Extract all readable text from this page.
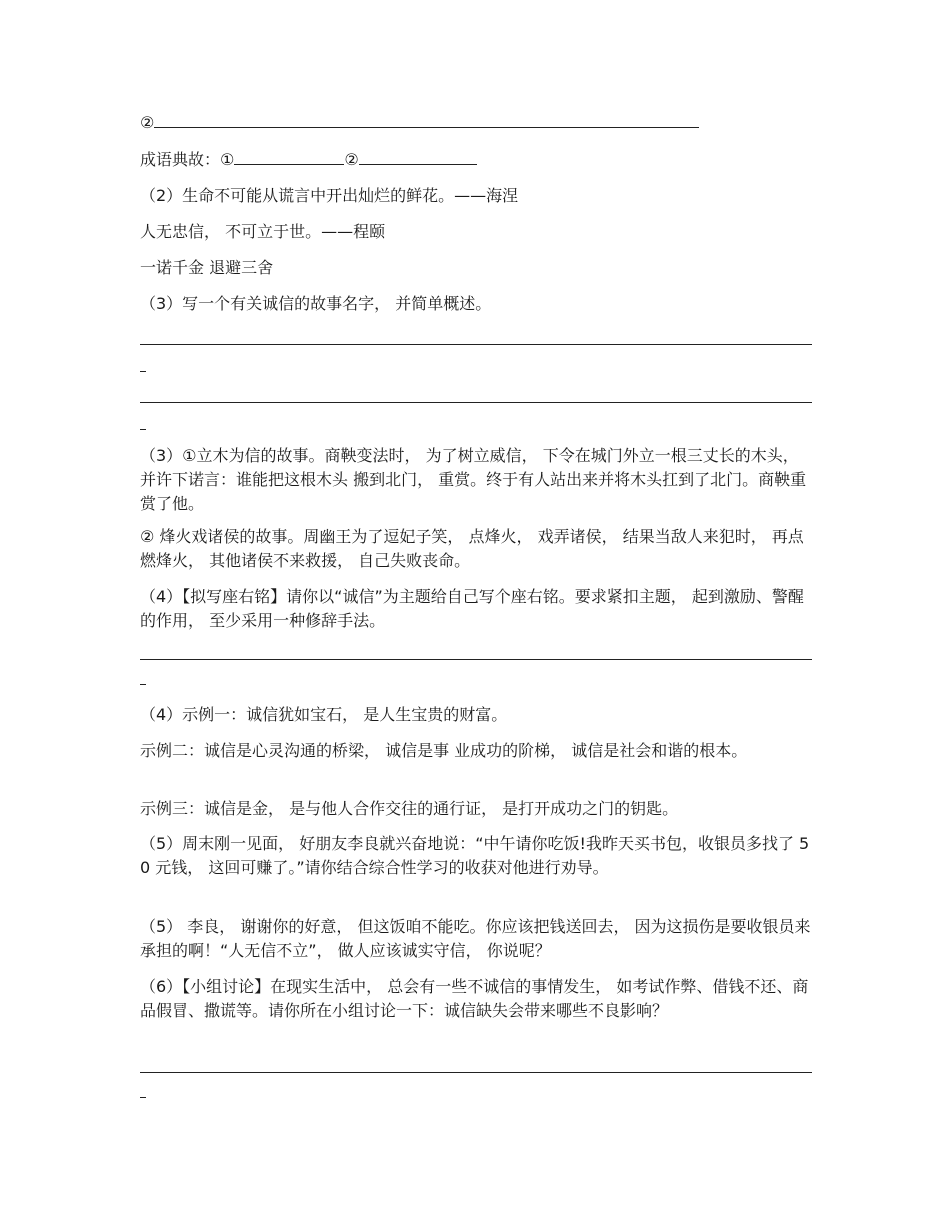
②
成语典故：①	②
（2）生命不可能从谎言中开出灿烂的鲜花。——海涅
人无忠信， 不可立于世。——程颐
一诺千金 退避三舍
（3）写一个有关诚信的故事名字， 并简单概述。
（3）①立木为信的故事。商鞅变法时， 为了树立威信， 下令在城门外立一根三丈长的木头， 并许下诺言：谁能把这根木头 搬到北门， 重赏。终于有人站出来并将木头扛到了北门。商鞅重赏了他。
② 烽火戏诸侯的故事。周幽王为了逗妃子笑， 点烽火， 戏弄诸侯， 结果当敌人来犯时， 再点燃烽火， 其他诸侯不来救援， 自己失败丧命。
（4）【拟写座右铭】请你以“诚信”为主题给自己写个座右铭。要求紧扣主题， 起到激励、警醒的作用， 至少采用一种修辞手法。
（4）示例一：诚信犹如宝石， 是人生宝贵的财富。
示例二：诚信是心灵沟通的桥梁， 诚信是事 业成功的阶梯， 诚信是社会和谐的根本。
示例三：诚信是金， 是与他人合作交往的通行证， 是打开成功之门的钥匙。
（5）周末刚一见面， 好朋友李良就兴奋地说：“中午请你吃饭!我昨天买书包，收银员多找了 50 元钱， 这回可赚了。”请你结合综合性学习的收获对他进行劝导。
（5） 李良， 谢谢你的好意， 但这饭咱不能吃。你应该把钱送回去， 因为这损伤是要收银员来承担的啊！“人无信不立”， 做人应该诚实守信， 你说呢？
（6）【小组讨论】在现实生活中， 总会有一些不诚信的事情发生， 如考试作弊、借钱不还、商品假冒、撒谎等。请你所在小组讨论一下：诚信缺失会带来哪些不良影响？
